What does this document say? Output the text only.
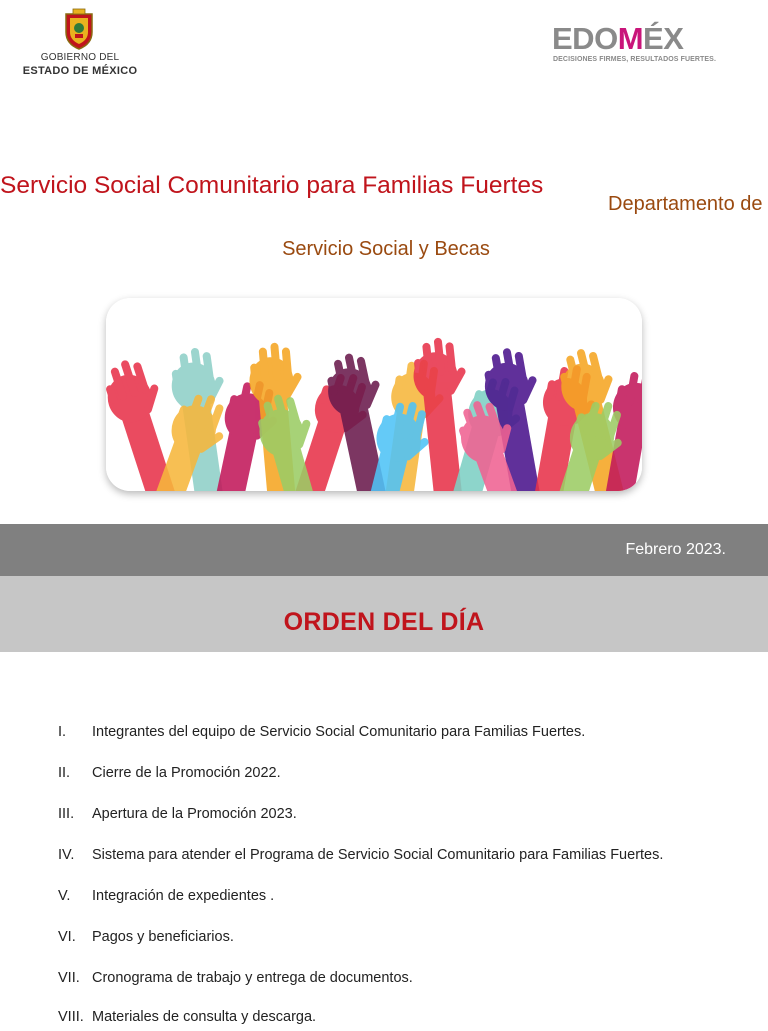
GOBIERNO DEL
ESTADO DE MÉXICO
EDOMÉX
DECISIONES FIRMES, RESULTADOS FUERTES.
Servicio Social Comunitario para Familias Fuertes
Departamento de
Servicio Social y Becas
Febrero 2023.
ORDEN DEL DÍA
I. Integrantes del equipo de Servicio Social Comunitario para Familias Fuertes.
II. Cierre de la Promoción 2022.
III. Apertura de la Promoción 2023.
IV. Sistema para atender el Programa de Servicio Social Comunitario para Familias Fuertes.
V. Integración de expedientes .
VI. Pagos y beneficiarios.
VII. Cronograma de trabajo y entrega de documentos.
VIII. Materiales de consulta y descarga.
